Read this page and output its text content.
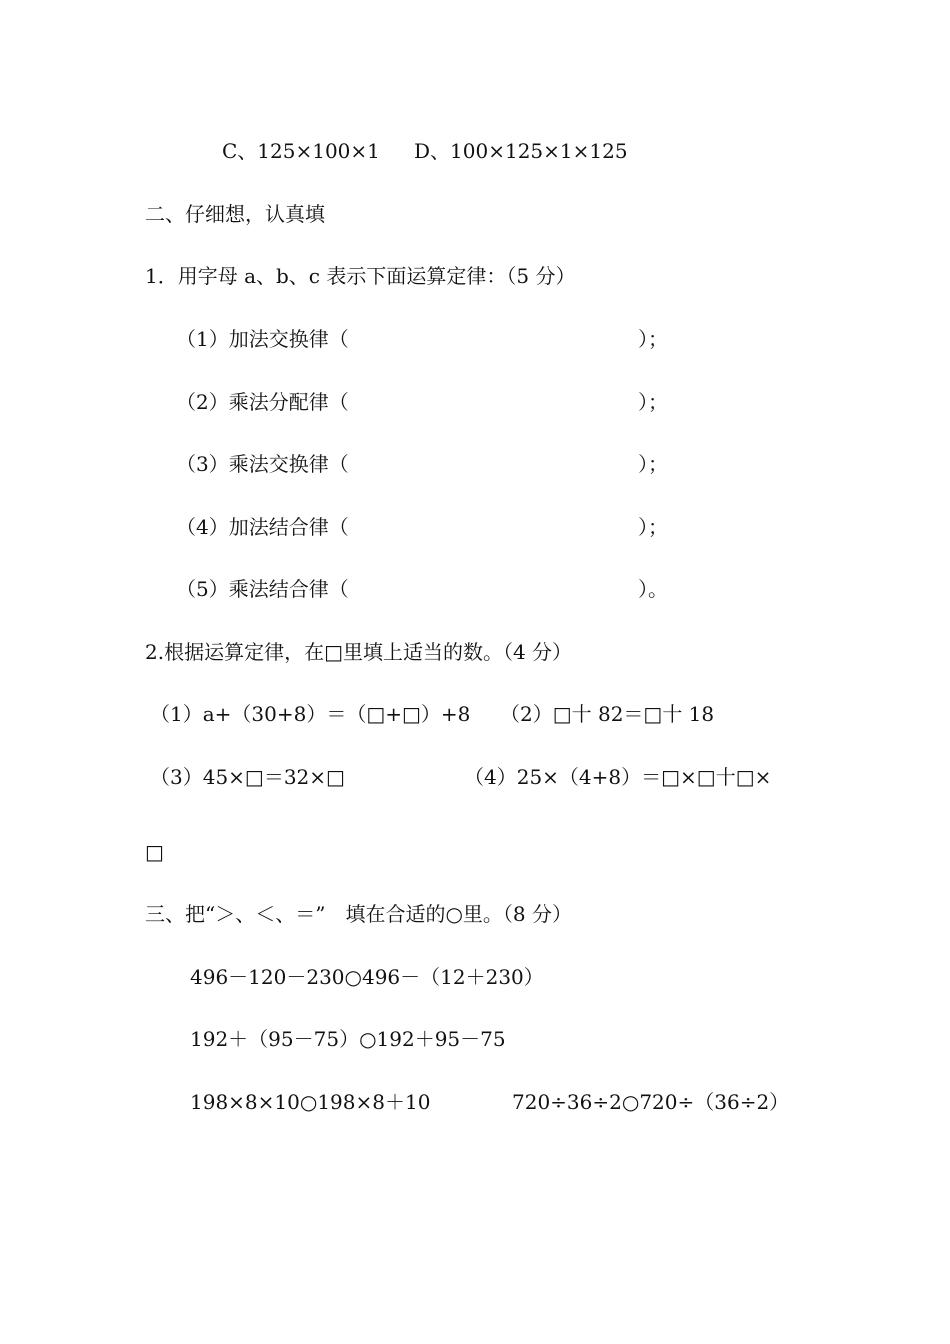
C、125×100×1 D、100×125×1×125
二、仔细想，认真填
1．用字母 a、b、c 表示下面运算定律：（5 分）
（1）加法交换律（	）；
（2）乘法分配律（	）；
（3）乘法交换律（	）；
（4）加法结合律（	）；
（5）乘法结合律（	）。
2.根据运算定律，在□里填上适当的数。（4 分）
（1）a+（30+8）＝（□+□）+8 （2）□十 82＝□十 18
（3）45×□＝32×□	（4）25×（4+8）＝□×□十□×
□
三、把“＞、＜、＝”　填在合适的○里。（8 分）
496－120－230○496－（12＋230）
192＋（95－75）○192＋95－75
198×8×10○198×8＋10	720÷36÷2○720÷（36÷2）
